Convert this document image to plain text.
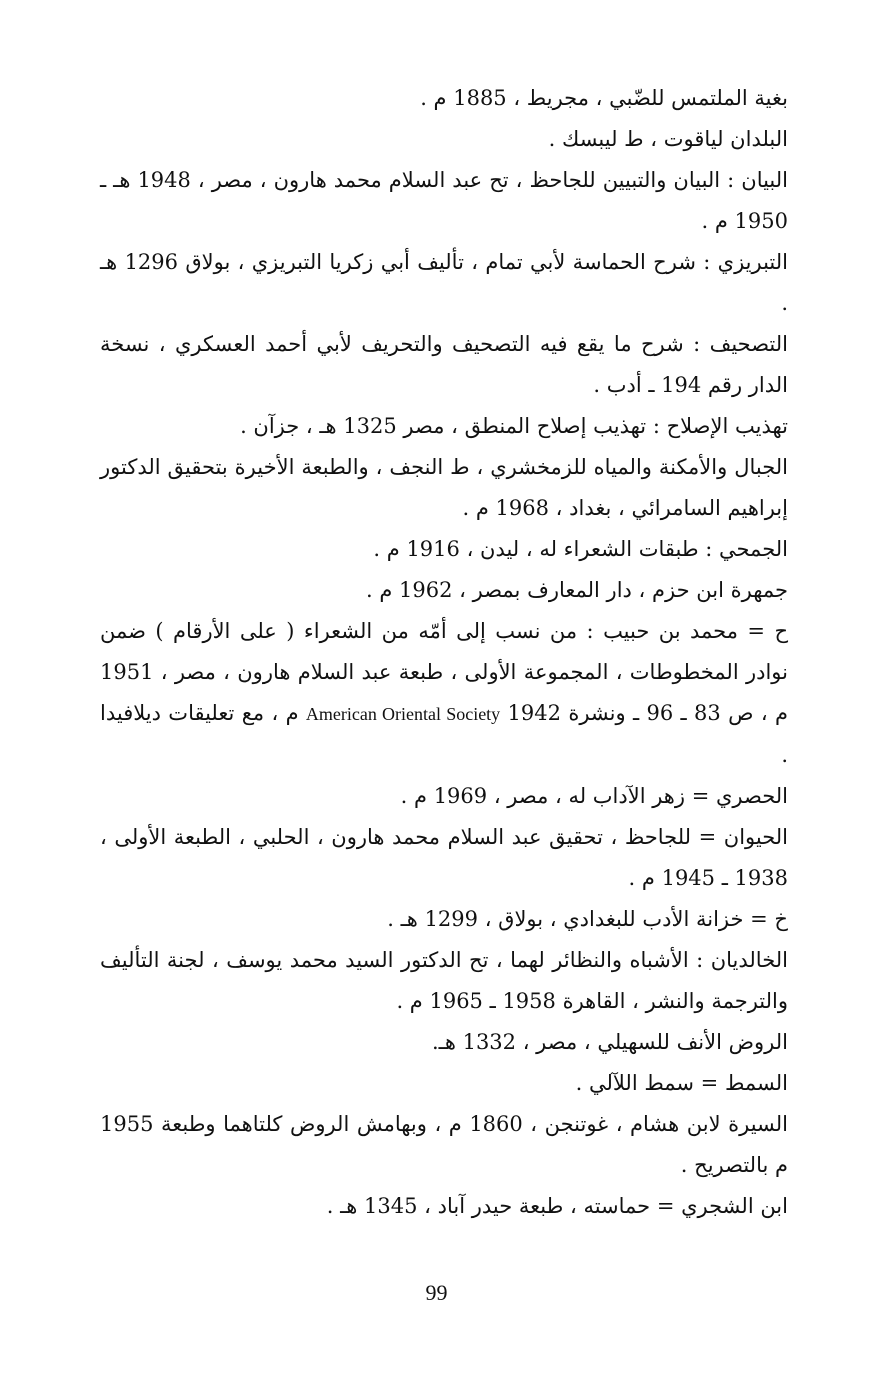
بغية الملتمس للضّبي ، مجريط ، 1885 م .

البلدان لياقوت ، ط ليبسك .

البيان : البيان والتبيين للجاحظ ، تح عبد السلام محمد هارون ، مصر ، 1948 هـ ـ 1950 م .

التبريزي : شرح الحماسة لأبي تمام ، تأليف أبي زكريا التبريزي ، بولاق 1296 هـ .

التصحيف : شرح ما يقع فيه التصحيف والتحريف لأبي أحمد العسكري ، نسخة الدار رقم 194 ـ أدب .

تهذيب الإصلاح : تهذيب إصلاح المنطق ، مصر 1325 هـ ، جزآن .

الجبال والأمكنة والمياه للزمخشري ، ط النجف ، والطبعة الأخيرة بتحقيق الدكتور إبراهيم السامرائي ، بغداد ، 1968 م .

الجمحي : طبقات الشعراء له ، ليدن ، 1916 م .

جمهرة ابن حزم ، دار المعارف بمصر ، 1962 م .

ح = محمد بن حبيب : من نسب إلى أمّه من الشعراء ( على الأرقام ) ضمن نوادر المخطوطات ، المجموعة الأولى ، طبعة عبد السلام هارون ، مصر ، 1951 م ، ص 83 ـ 96 ـ ونشرة American Oriental Society 1942 م ، مع تعليقات ديلافيدا .

الحصري = زهر الآداب له ، مصر ، 1969 م .

الحيوان = للجاحظ ، تحقيق عبد السلام محمد هارون ، الحلبي ، الطبعة الأولى ، 1938 ـ 1945 م .

خ = خزانة الأدب للبغدادي ، بولاق ، 1299 هـ .

الخالديان : الأشباه والنظائر لهما ، تح الدكتور السيد محمد يوسف ، لجنة التأليف والترجمة والنشر ، القاهرة 1958 ـ 1965 م .

الروض الأنف للسهيلي ، مصر ، 1332 هـ.

السمط = سمط اللآلي .

السيرة لابن هشام ، غوتنجن ، 1860 م ، وبهامش الروض كلتاهما وطبعة 1955 م بالتصريح .

ابن الشجري = حماسته ، طبعة حيدر آباد ، 1345 هـ .

99
